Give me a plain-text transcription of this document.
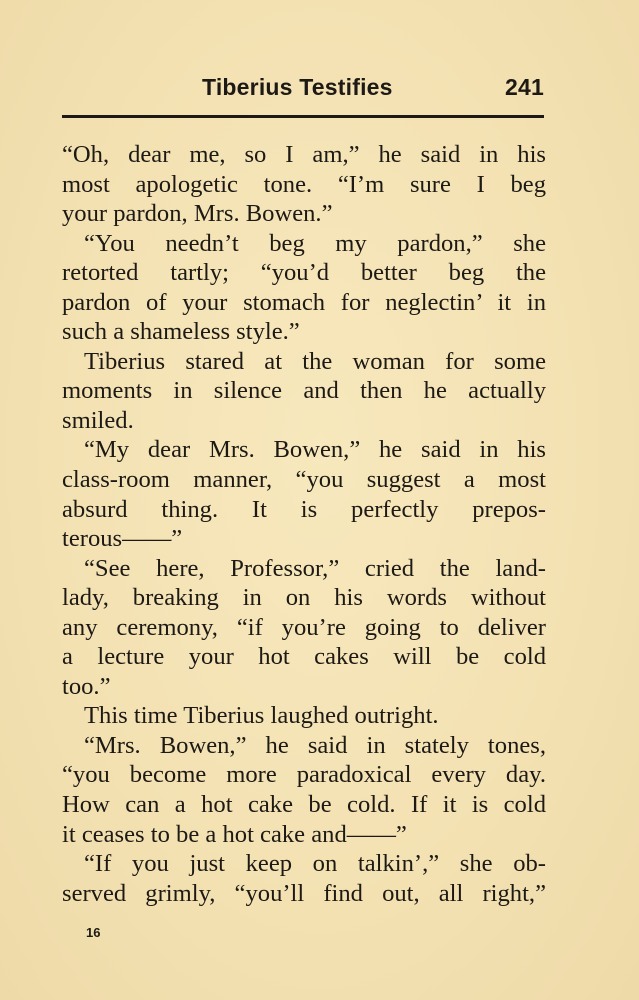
Tiberius Testifies	241
“Oh, dear me, so I am,” he said in his
most apologetic tone. “I’m sure I beg
your pardon, Mrs. Bowen.”
“You needn’t beg my pardon,” she
retorted tartly; “you’d better beg the
pardon of your stomach for neglectin’ it in
such a shameless style.”
Tiberius stared at the woman for some
moments in silence and then he actually
smiled.
“My dear Mrs. Bowen,” he said in his
class-room manner, “you suggest a most
absurd thing. It is perfectly prepos-
terous——”
“See here, Professor,” cried the land-
lady, breaking in on his words without
any ceremony, “if you’re going to deliver
a lecture your hot cakes will be cold
too.”
This time Tiberius laughed outright.
“Mrs. Bowen,” he said in stately tones,
“you become more paradoxical every day.
How can a hot cake be cold. If it is cold
it ceases to be a hot cake and——”
“If you just keep on talkin’,” she ob-
served grimly, “you’ll find out, all right,”
16
